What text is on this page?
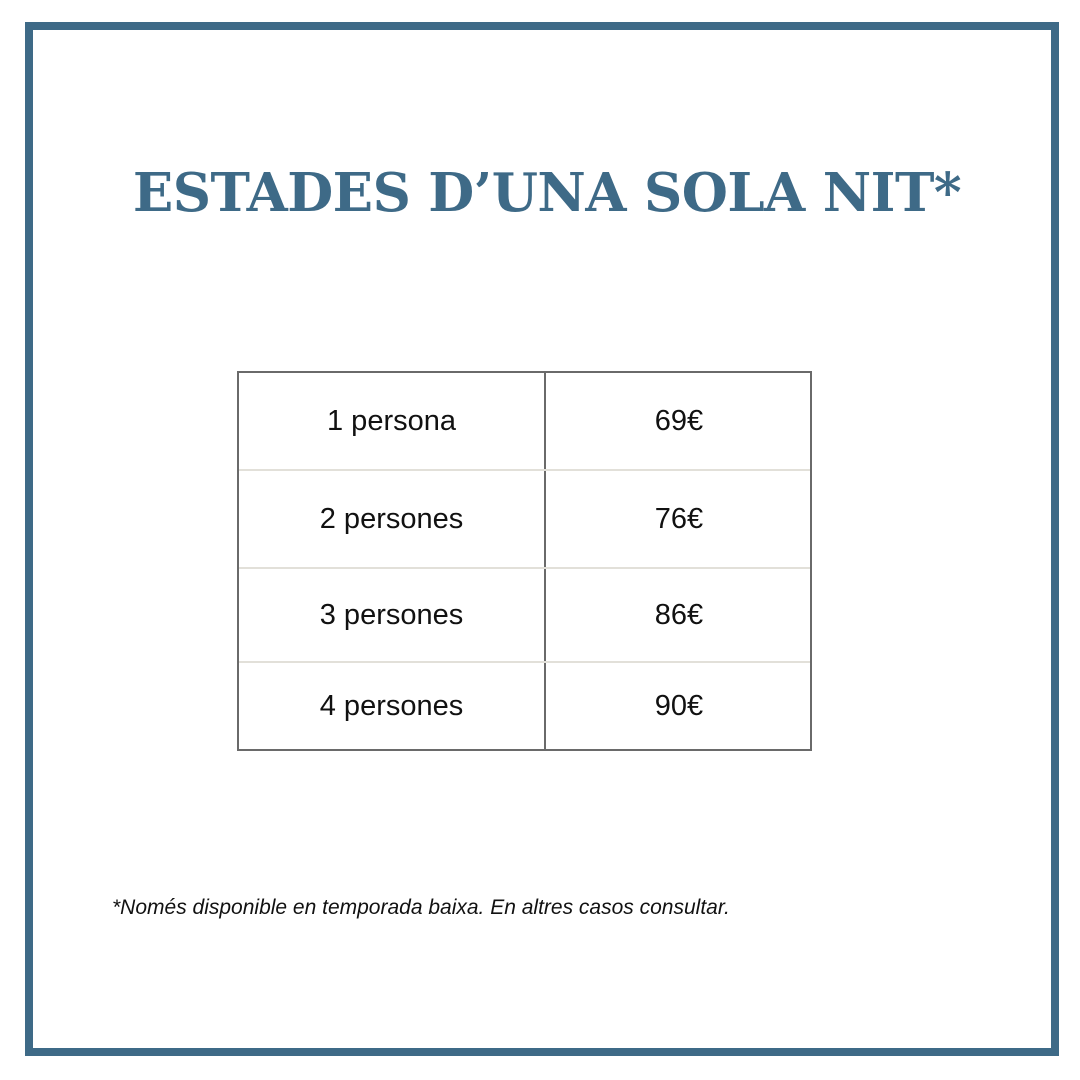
ESTADES D’UNA SOLA NIT*
1 persona	69€
2 persones	76€
3 persones	86€
4 persones	90€

*Només disponible en temporada baixa. En altres casos consultar.
